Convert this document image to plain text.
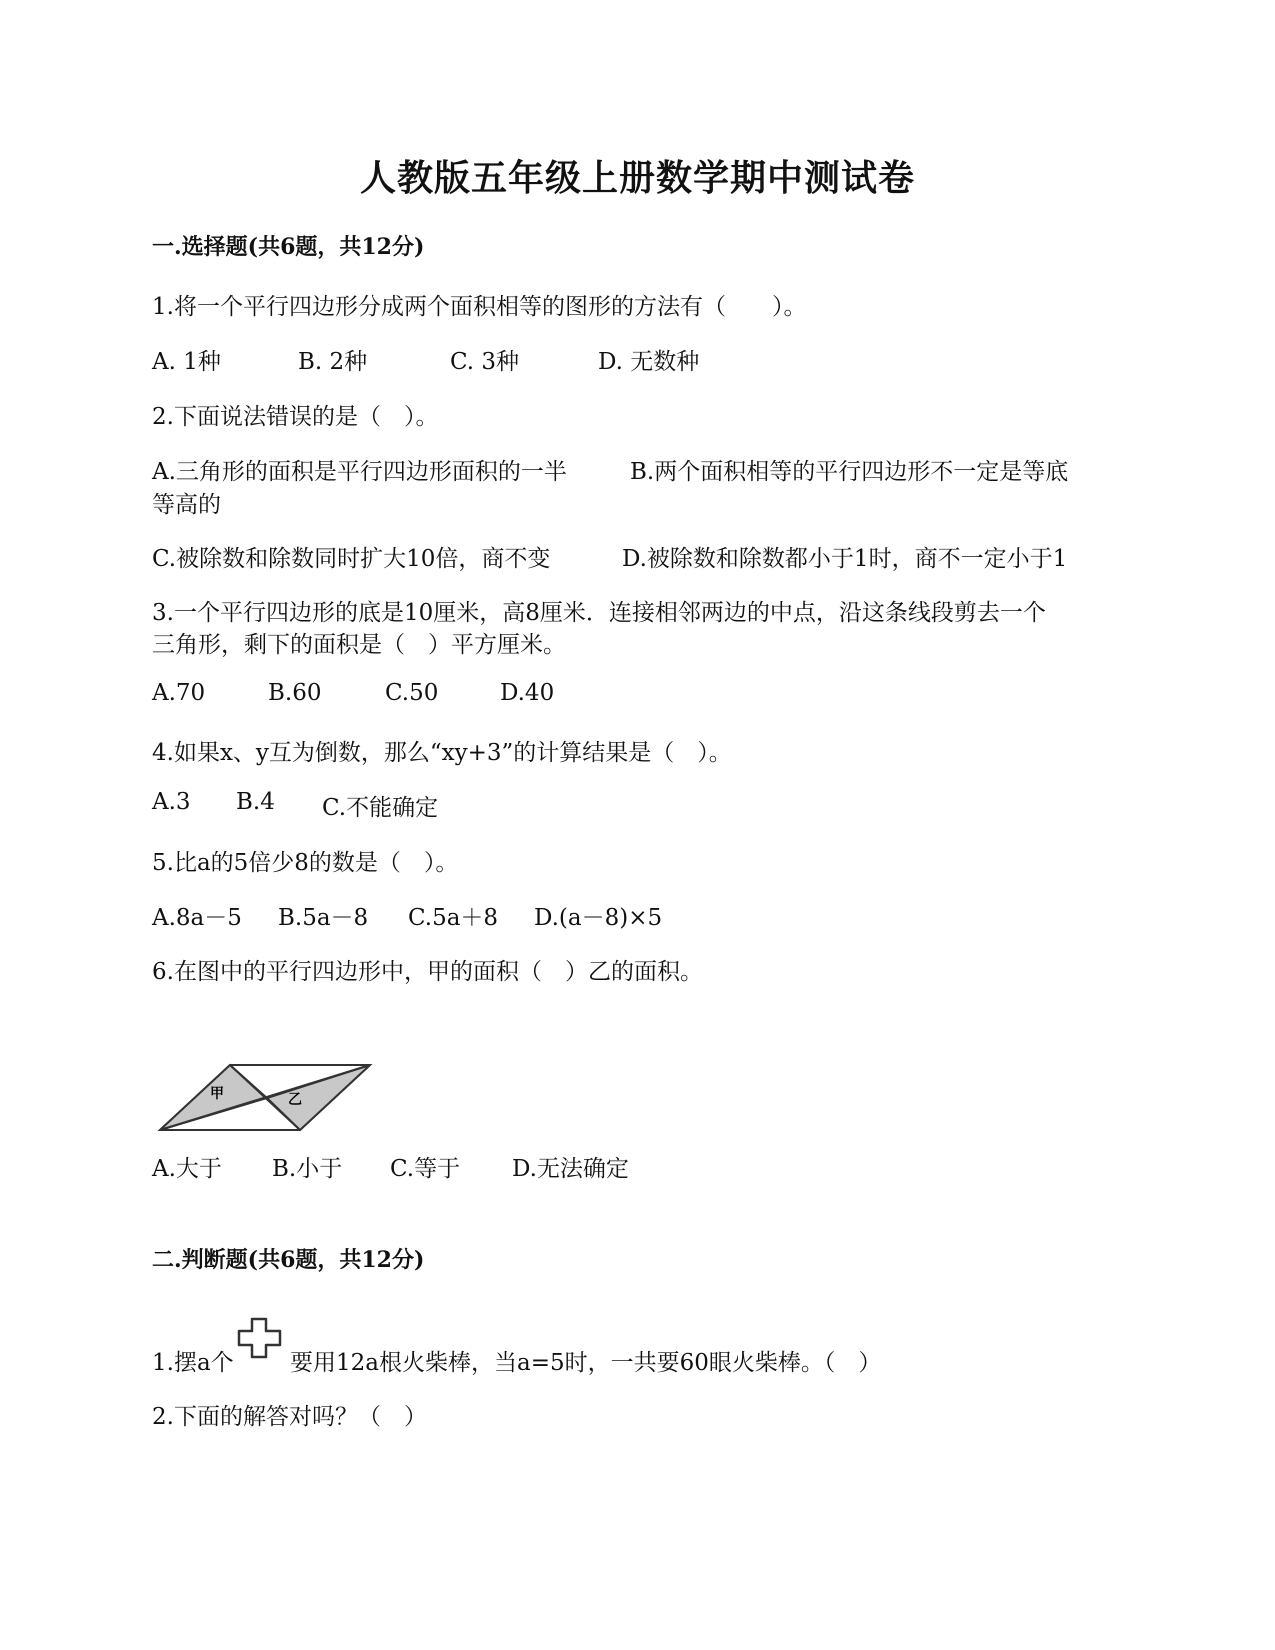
人教版五年级上册数学期中测试卷
一.选择题(共6题，共12分)
1.将一个平行四边形分成两个面积相等的图形的方法有（　　）。
A. 1种	B. 2种	C. 3种	D. 无数种
2.下面说法错误的是（　）。
A.三角形的面积是平行四边形面积的一半	B.两个面积相等的平行四边形不一定是等底
等高的
C.被除数和除数同时扩大10倍，商不变	D.被除数和除数都小于1时，商不一定小于1
3.一个平行四边形的底是10厘米，高8厘米．连接相邻两边的中点，沿这条线段剪去一个
三角形，剩下的面积是（　）平方厘米。
A.70	B.60	C.50	D.40
4.如果x、y互为倒数，那么“xy+3”的计算结果是（　）。
A.3 B.4 C.不能确定
5.比a的5倍少8的数是（　）。
A.8a－5 B.5a－8 C.5a＋8 D.(a－8)×5
6.在图中的平行四边形中，甲的面积（　）乙的面积。
甲	乙
A.大于 B.小于 C.等于 D.无法确定
二.判断题(共6题，共12分)
1.摆a个 要用12a根火柴棒，当a=5时，一共要60眼火柴棒。（　）
2.下面的解答对吗？（　）
